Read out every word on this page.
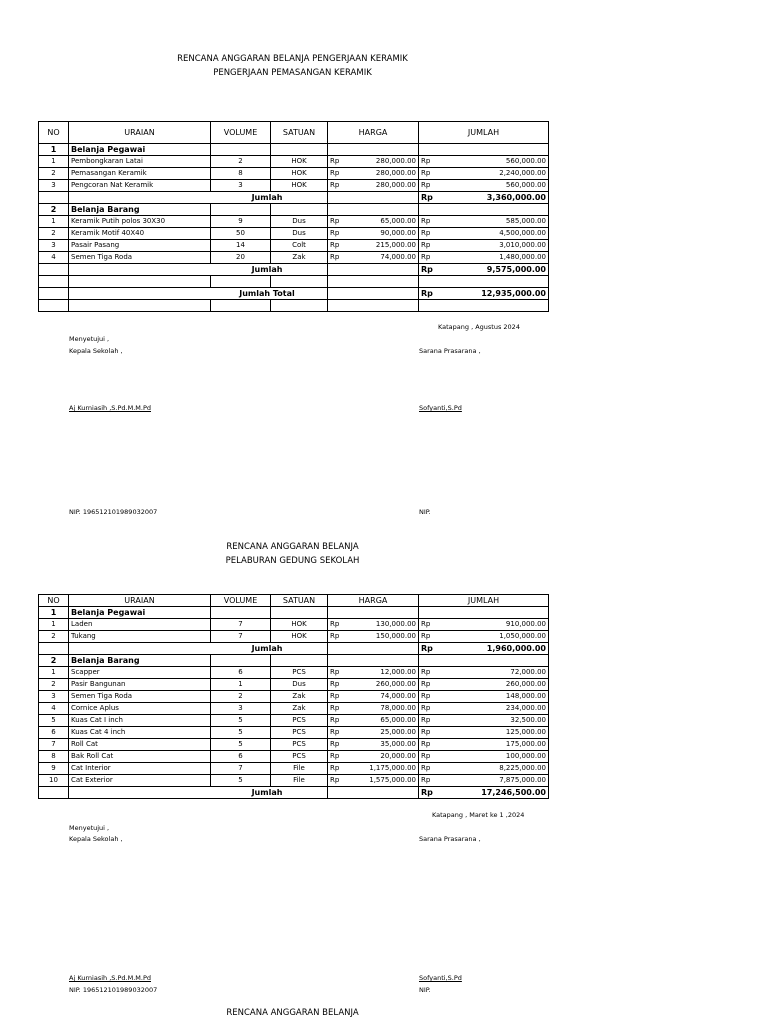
RENCANA ANGGARAN BELANJA PENGERJAAN KERAMIK
PENGERJAAN PEMASANGAN KERAMIK
NO	URAIAN	VOLUME	SATUAN	HARGA	JUMLAH
1	Belanja Pegawai				
1	Pembongkaran Latai	2	HOK	Rp 280,000.00	Rp 560,000.00

2	Pemasangan Keramik	8	HOK	Rp 280,000.00	Rp 2,240,000.00

3	Pengcoran Nat Keramik	3	HOK	Rp 280,000.00	Rp 560,000.00

	Jumlah				Rp 3,360,000.00

2	Belanja Barang				
1	Keramik Putih polos 30X30	9	Dus	Rp 65,000.00	Rp 585,000.00

2	Keramik Motif 40X40	50	Dus	Rp 90,000.00	Rp 4,500,000.00

3	Pasair Pasang	14	Colt	Rp 215,000.00	Rp 3,010,000.00

4	Semen Tiga Roda	20	Zak	Rp 74,000.00	Rp 1,480,000.00

	Jumlah				Rp 9,575,000.00

	Jumlah Total				Rp 12,935,000.00

Katapang , Agustus 2024
Menyetujui ,
Kepala Sekolah ,	Sarana Prasarana ,
Aj Kurniasih ,S.Pd.M.M.Pd	Sofyanti,S.Pd
NIP. 196512101989032007	NIP.
RENCANA ANGGARAN BELANJA
PELABURAN GEDUNG SEKOLAH
NO	URAIAN	VOLUME	SATUAN	HARGA	JUMLAH
1	Belanja Pegawai				
1	Laden	7	HOK	Rp 130,000.00	Rp 910,000.00

2	Tukang	7	HOK	Rp 150,000.00	Rp 1,050,000.00

	Jumlah				Rp 1,960,000.00

2	Belanja Barang				
1	Scapper	6	PCS	Rp 12,000.00	Rp 72,000.00

2	Pasir Bangunan	1	Dus	Rp 260,000.00	Rp 260,000.00

3	Semen Tiga Roda	2	Zak	Rp 74,000.00	Rp 148,000.00

4	Cornice Aplus	3	Zak	Rp 78,000.00	Rp 234,000.00

5	Kuas Cat I inch	5	PCS	Rp 65,000.00	Rp 32,500.00

6	Kuas Cat 4 inch	5	PCS	Rp 25,000.00	Rp 125,000.00

7	Roll Cat	5	PCS	Rp 35,000.00	Rp 175,000.00

8	Bak Roll Cat	6	PCS	Rp 20,000.00	Rp 100,000.00

9	Cat Interior	7	File	Rp 1,175,000.00	Rp 8,225,000.00

10	Cat Exterior	5	File	Rp 1,575,000.00	Rp 7,875,000.00

	Jumlah				Rp 17,246,500.00
Katapang , Maret ke 1 ,2024
Menyetujui ,
Kepala Sekolah ,	Sarana Prasarana ,
Aj Kurniasih ,S.Pd.M.M.Pd	Sofyanti,S.Pd
NIP. 196512101989032007	NIP.
RENCANA ANGGARAN BELANJA
